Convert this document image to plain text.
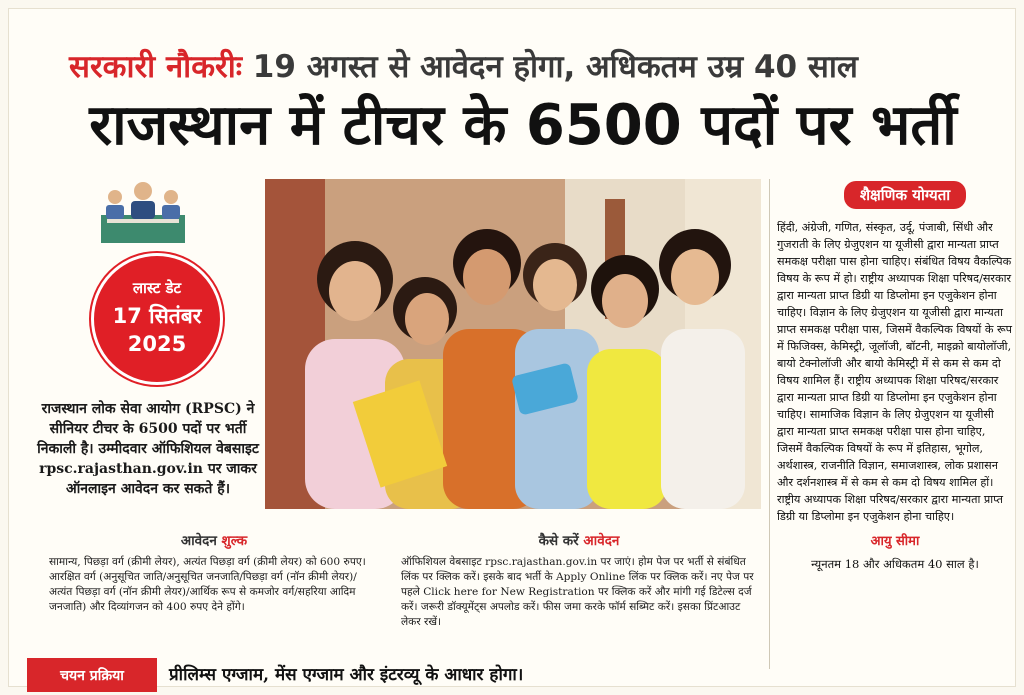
सरकारी नौकरीः 19 अगस्त से आवेदन होगा, अधिकतम उम्र 40 साल
राजस्थान में टीचर के 6500 पदों पर भर्ती
लास्ट डेट
17 सितंबर
2025
राजस्थान लोक सेवा आयोग (RPSC) ने सीनियर टीचर के 6500 पदों पर भर्ती निकाली है। उम्मीदवार ऑफिशियल वेबसाइट rpsc.rajasthan.gov.in पर जाकर ऑनलाइन आवेदन कर सकते हैं।
शैक्षणिक योग्यता
हिंदी, अंग्रेजी, गणित, संस्कृत, उर्दू, पंजाबी, सिंधी और गुजराती के लिए ग्रेजुएशन या यूजीसी द्वारा मान्यता प्राप्त समकक्ष परीक्षा पास होना चाहिए। संबंधित विषय वैकल्पिक विषय के रूप में हो। राष्ट्रीय अध्यापक शिक्षा परिषद/सरकार द्वारा मान्यता प्राप्त डिग्री या डिप्लोमा इन एजुकेशन होना चाहिए। विज्ञान के लिए ग्रेजुएशन या यूजीसी द्वारा मान्यता प्राप्त समकक्ष परीक्षा पास, जिसमें वैकल्पिक विषयों के रूप में फिजिक्स, केमिस्ट्री, जूलॉजी, बॉटनी, माइक्रो बायोलॉजी, बायो टेक्नोलॉजी और बायो केमिस्ट्री में से कम से कम दो विषय शामिल हैं। राष्ट्रीय अध्यापक शिक्षा परिषद/सरकार द्वारा मान्यता प्राप्त डिग्री या डिप्लोमा इन एजुकेशन होना चाहिए। सामाजिक विज्ञान के लिए ग्रेजुएशन या यूजीसी द्वारा मान्यता प्राप्त समकक्ष परीक्षा पास होना चाहिए, जिसमें वैकल्पिक विषयों के रूप में इतिहास, भूगोल, अर्थशास्त्र, राजनीति विज्ञान, समाजशास्त्र, लोक प्रशासन और दर्शनशास्त्र में से कम से कम दो विषय शामिल हों। राष्ट्रीय अध्यापक शिक्षा परिषद/सरकार द्वारा मान्यता प्राप्त डिग्री या डिप्लोमा इन एजुकेशन होना चाहिए।
आयु सीमा
न्यूनतम 18 और अधिकतम 40 साल है।
आवेदन शुल्क
सामान्य, पिछड़ा वर्ग (क्रीमी लेयर), अत्यंत पिछड़ा वर्ग (क्रीमी लेयर) को 600 रुपए। आरक्षित वर्ग (अनुसूचित जाति/अनुसूचित जनजाति/पिछड़ा वर्ग (नॉन क्रीमी लेयर)/अत्यंत पिछड़ा वर्ग (नॉन क्रीमी लेयर)/आर्थिक रूप से कमजोर वर्ग/सहरिया आदिम जनजाति) और दिव्यांगजन को 400 रुपए देने होंगे।
कैसे करें आवेदन
ऑफिशियल वेबसाइट rpsc.rajasthan.gov.in पर जाएं। होम पेज पर भर्ती से संबंधित लिंक पर क्लिक करें। इसके बाद भर्ती के Apply Online लिंक पर क्लिक करें। नए पेज पर पहले Click here for New Registration पर क्लिक करें और मांगी गई डिटेल्स दर्ज करें। जरूरी डॉक्यूमेंट्स अपलोड करें। फीस जमा करके फॉर्म सब्मिट करें। इसका प्रिंटआउट लेकर रखें।
चयन प्रक्रिया	प्रीलिम्स एग्जाम, मेंस एग्जाम और इंटरव्यू के आधार होगा।
